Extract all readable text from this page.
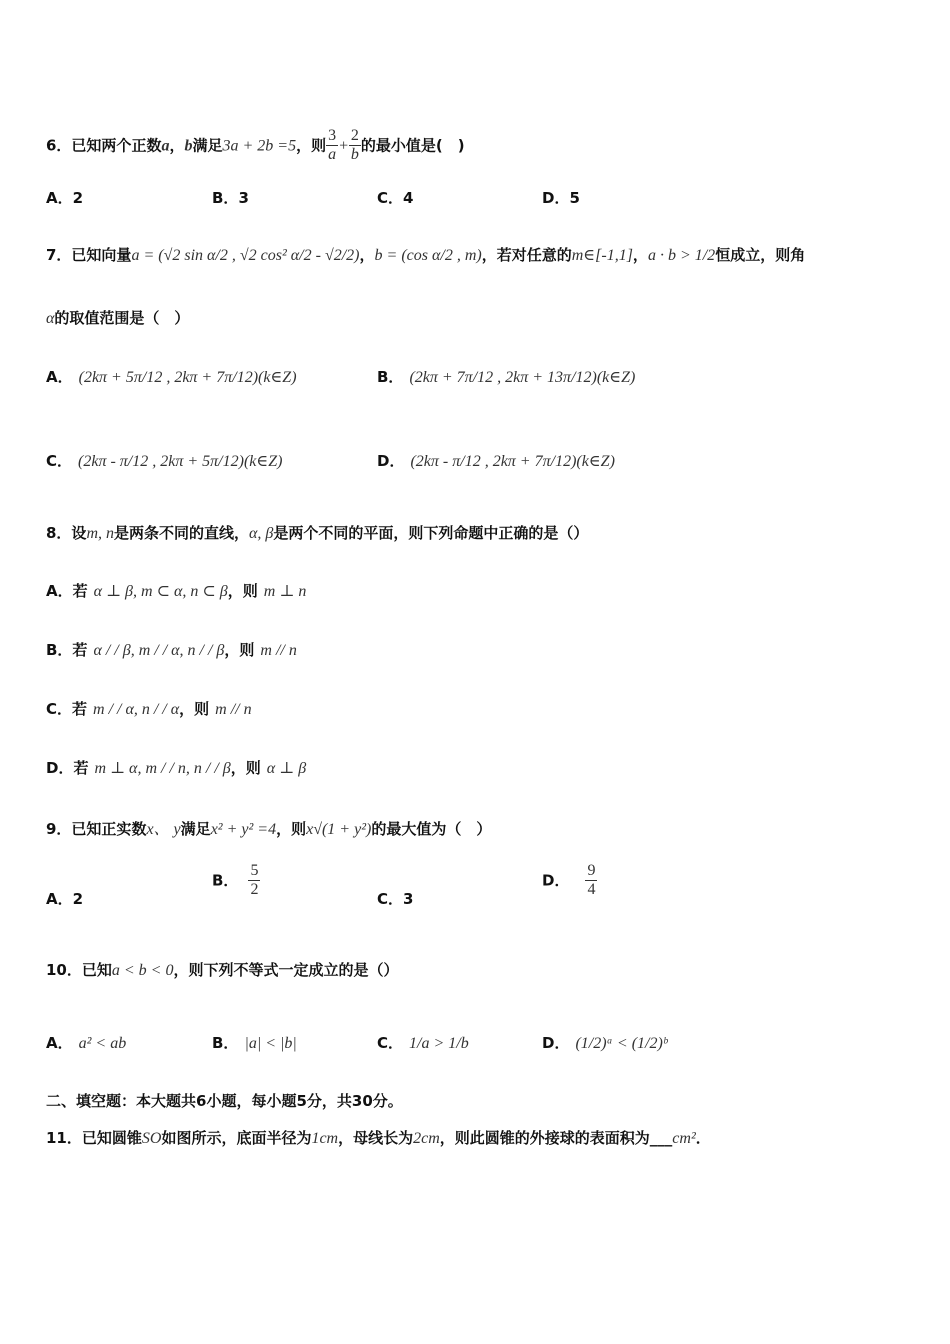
6．已知两个正数a，b满足3a + 2b =5，则 $\frac{3}{a} + \frac{2}{b}$ 的最小值是(　)
A．2	B．3	C．4	D．5
7．已知向量a = (√2 sin α/2 , √2 cos² α/2 - √2/2)，b = (cos α/2 , m)，若对任意的m∈[-1,1]，a · b > 1/2恒成立，则角
α的取值范围是（　）
A． (2kπ + 5π/12 , 2kπ + 7π/12)(k∈Z)	B． (2kπ + 7π/12 , 2kπ + 13π/12)(k∈Z)
C． (2kπ - π/12 , 2kπ + 5π/12)(k∈Z)	D． (2kπ - π/12 , 2kπ + 7π/12)(k∈Z)
8．设m, n是两条不同的直线，α, β是两个不同的平面，则下列命题中正确的是（）
A．若 α ⊥ β, m ⊂ α, n ⊂ β，则 m ⊥ n
B．若 α / / β, m / / α, n / / β，则 m // n
C．若 m / / α, n / / α，则 m // n
D．若 m ⊥ α, m / / n, n / / β，则 α ⊥ β
9．已知正实数x、 y满足x² + y² =4，则x√(1 + y²)的最大值为（　）
A．2
B． $\frac{5}{2}$	C．3
D． $\frac{9}{4}$
10．已知a < b < 0，则下列不等式一定成立的是（）
A． a² < ab	B． |a| < |b|	C． 1/a > 1/b	D． (1/2)ᵃ < (1/2)ᵇ
二、填空题：本大题共6小题，每小题5分，共30分。
11．已知圆锥SO如图所示，底面半径为1cm，母线长为2cm，则此圆锥的外接球的表面积为___cm²．
